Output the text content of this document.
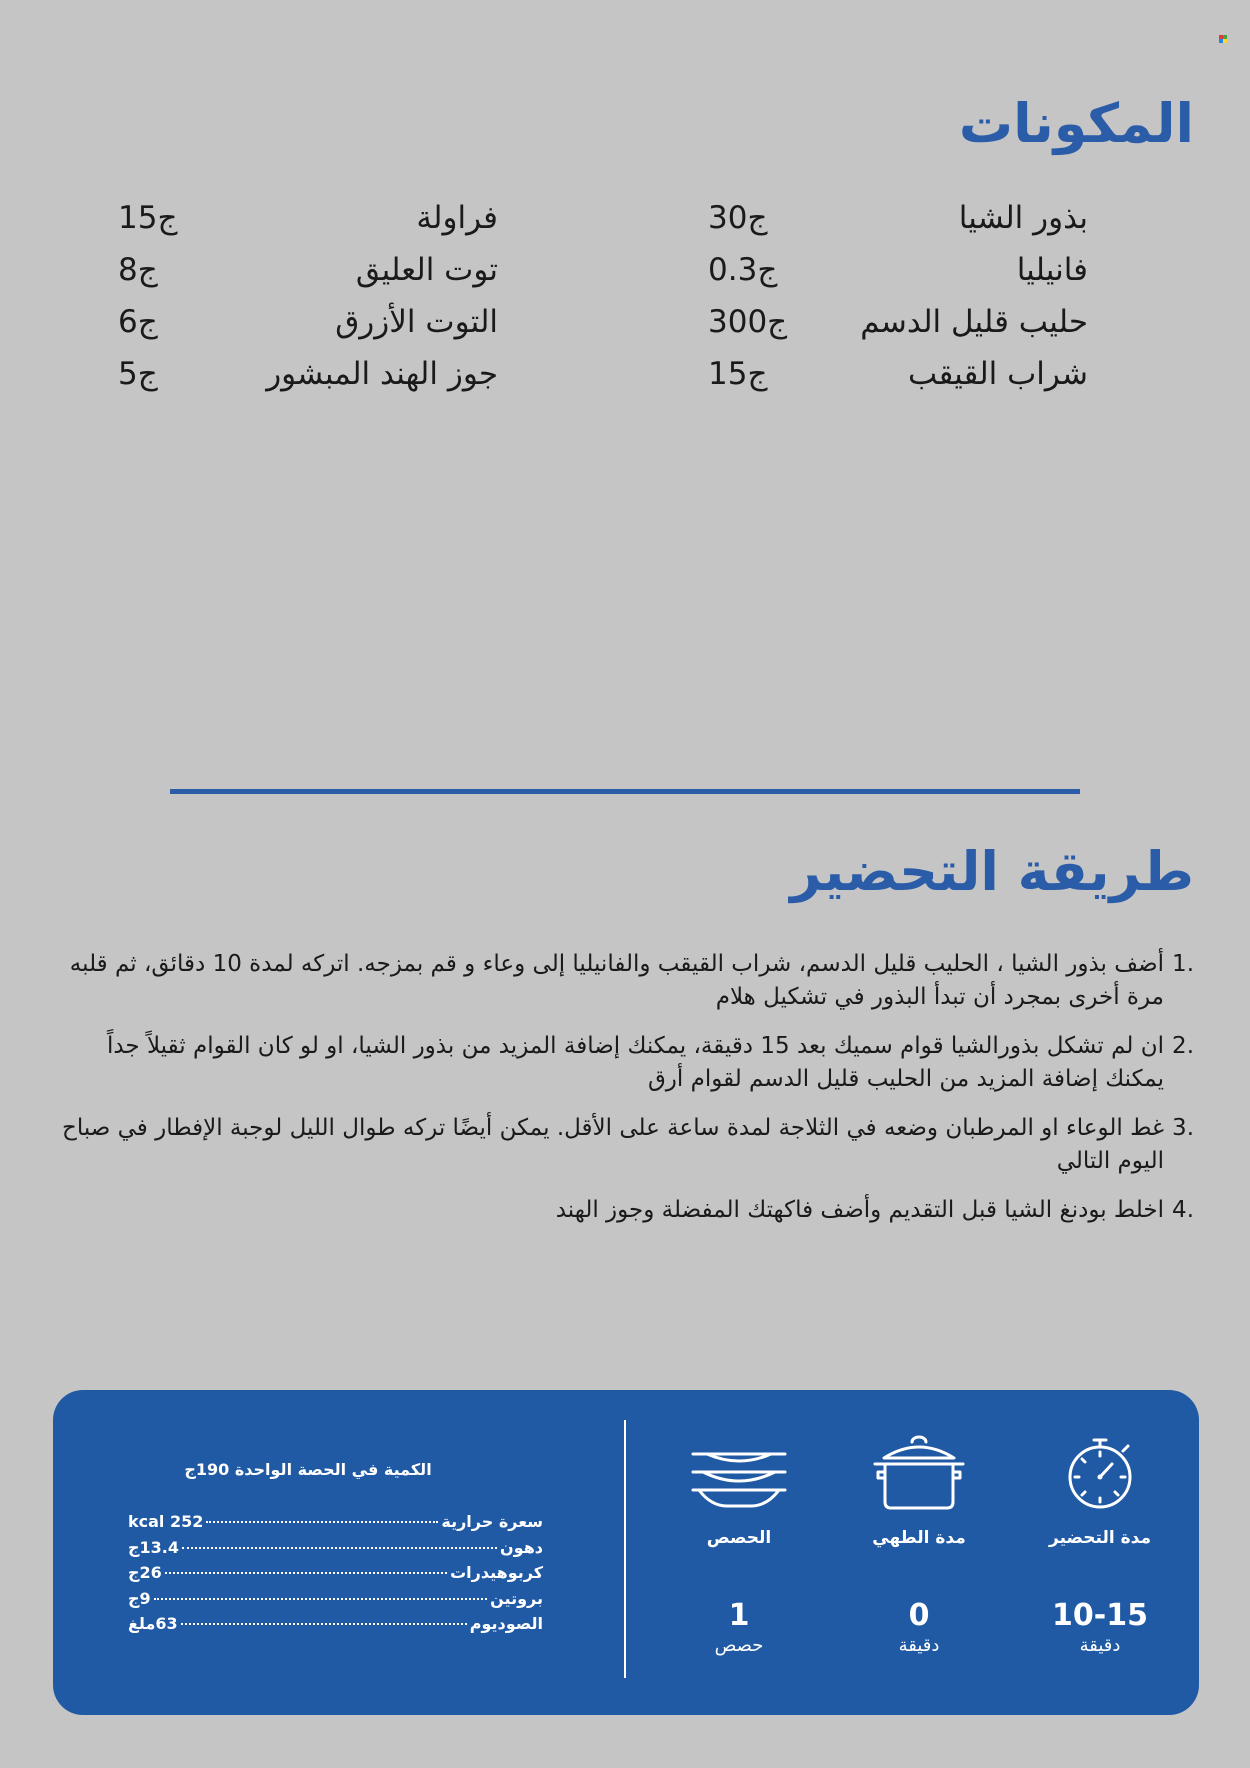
المكونات
بذور الشيا
30ج
فانيليا
0.3ج
حليب قليل الدسم
300ج
شراب القيقب
15ج
فراولة
15ج
توت العليق
8ج
التوت الأزرق
6ج
جوز الهند المبشور
5ج
طريقة التحضير
.1
أضف بذور الشيا ، الحليب قليل الدسم، شراب القيقب والفانيليا إلى وعاء و قم بمزجه. اتركه لمدة 10 دقائق، ثم قلبه مرة أخرى بمجرد أن تبدأ البذور في تشكيل هلام
.2
ان لم تشكل بذورالشيا قوام سميك بعد 15 دقيقة، يمكنك إضافة المزيد من بذور الشيا، او لو كان القوام ثقيلاً جداً يمكنك إضافة المزيد من الحليب قليل الدسم لقوام أرق
.3
غط الوعاء او المرطبان وضعه في الثلاجة لمدة ساعة على الأقل. يمكن أيضًا تركه طوال الليل لوجبة الإفطار في صباح اليوم التالي
.4
اخلط بودنغ الشيا قبل التقديم وأضف فاكهتك المفضلة وجوز الهند
مدة التحضير
10-15
دقيقة
مدة الطهي
0
دقيقة
الحصص
1
حصص
الكمية في الحصة الواحدة 190ج
سعرة حرارية
252 kcal
دهون
13.4ج
كربوهيدرات
26ج
بروتين
9ج
الصوديوم
63ملغ
